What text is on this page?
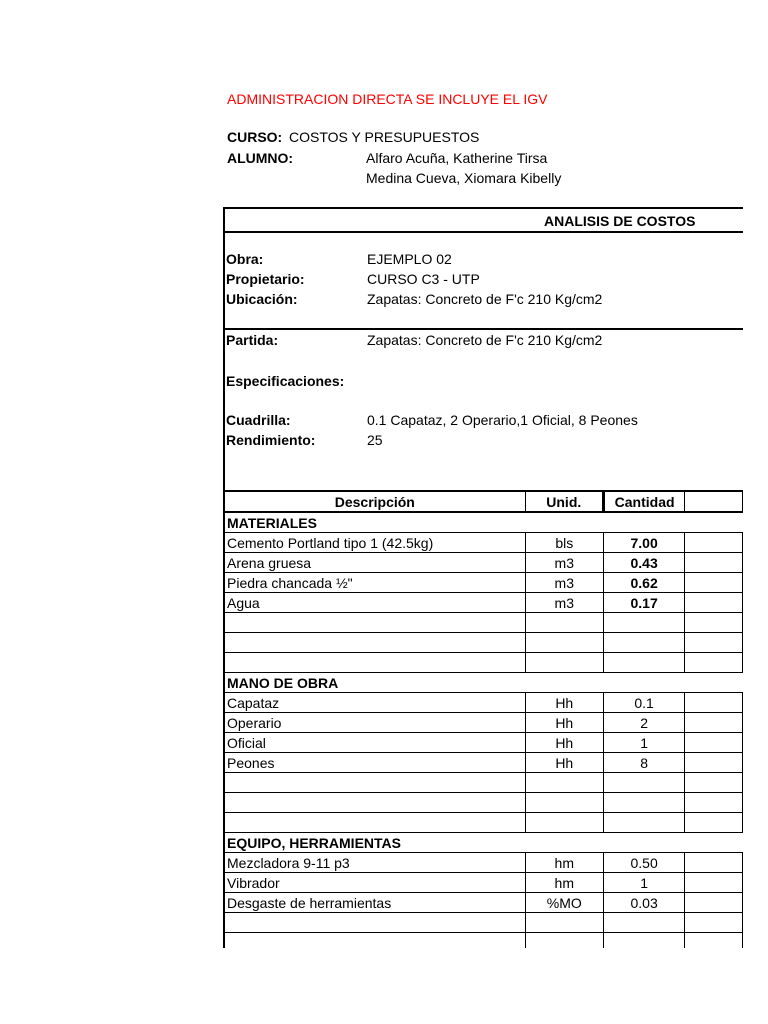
ADMINISTRACION DIRECTA SE INCLUYE EL IGV
CURSO: COSTOS Y PRESUPUESTOS
ALUMNO:	Alfaro Acuña, Katherine Tirsa
Medina Cueva, Xiomara Kibelly
ANALISIS DE COSTOS
Obra:	EJEMPLO 02
Propietario:	CURSO C3 - UTP
Ubicación:	Zapatas: Concreto de F'c 210 Kg/cm2
Partida:	Zapatas: Concreto de F'c 210 Kg/cm2
Especificaciones:
Cuadrilla:	0.1 Capataz, 2 Operario,1 Oficial, 8 Peones
Rendimiento:	25
Descripción	Unid.	Cantidad	
MATERIALES			
Cemento Portland tipo 1 (42.5kg)	bls	7.00	
Arena gruesa	m3	0.43	
Piedra chancada ½"	m3	0.62	
Agua	m3	0.17	

MANO DE OBRA			
Capataz	Hh	0.1	
Operario	Hh	2	
Oficial	Hh	1	
Peones	Hh	8	

EQUIPO, HERRAMIENTAS			
Mezcladora 9-11 p3	hm	0.50	
Vibrador	hm	1	
Desgaste de herramientas	%MO	0.03	
